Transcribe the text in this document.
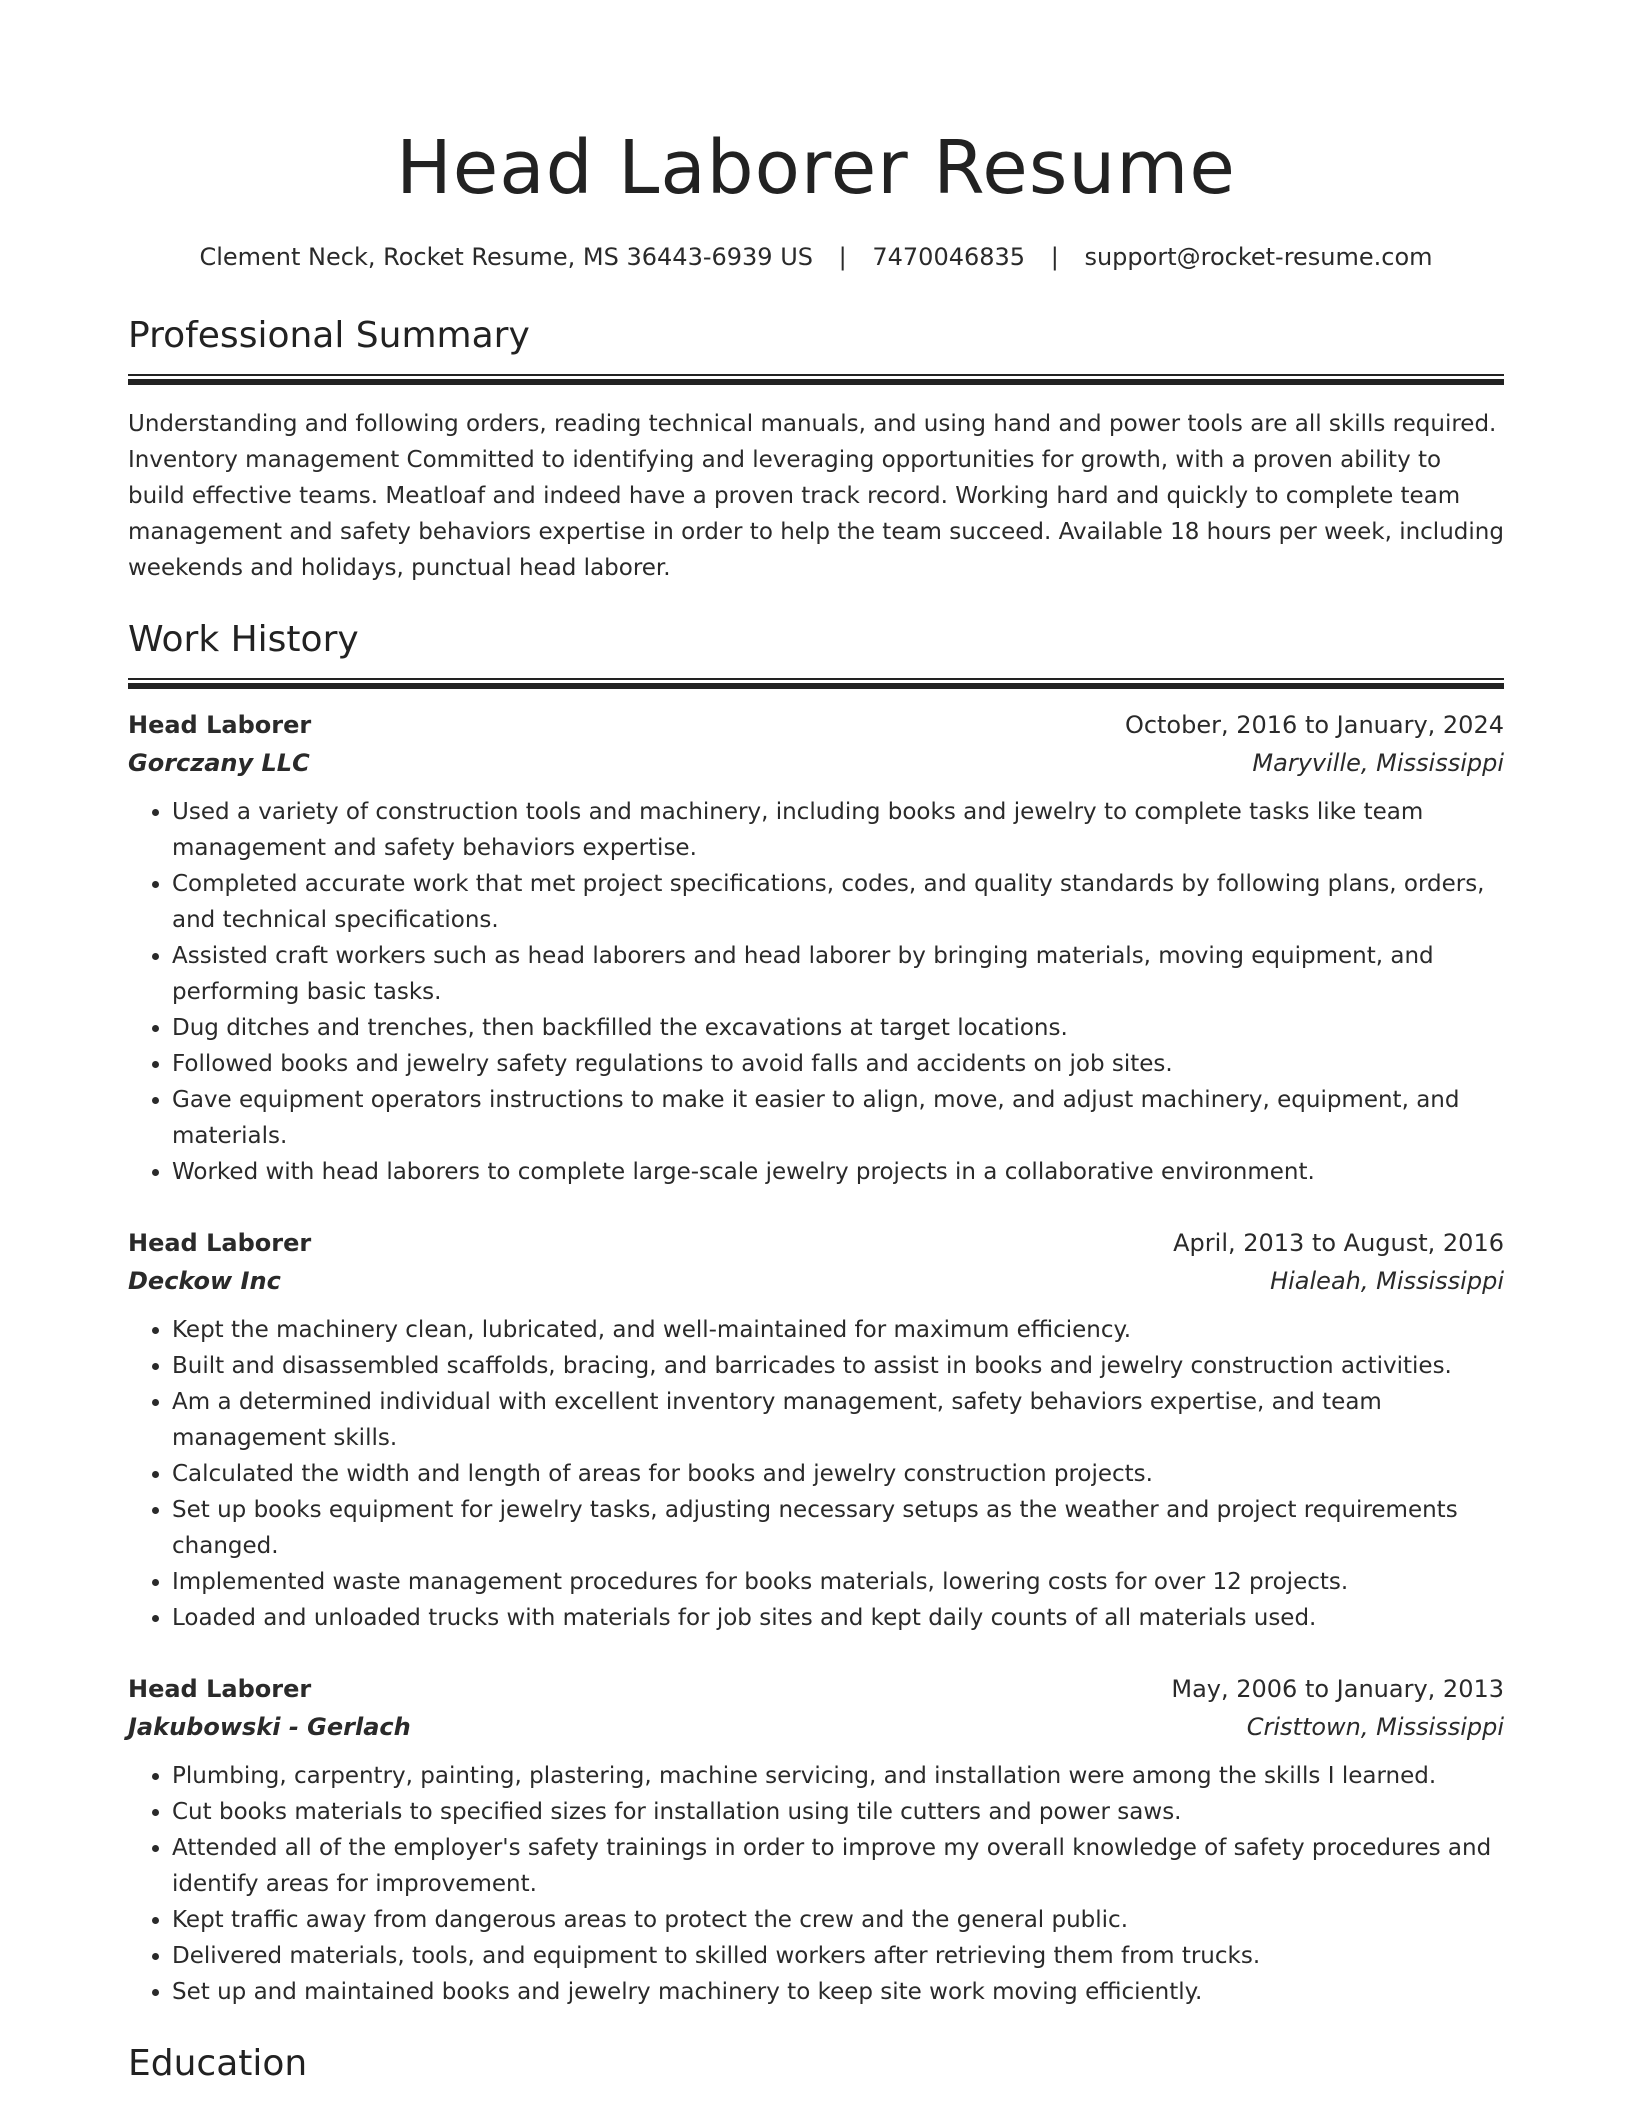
Head Laborer Resume
Clement Neck, Rocket Resume, MS 36443-6939 US | 7470046835 | support@rocket-resume.com
Professional Summary

Understanding and following orders, reading technical manuals, and using hand and power tools are all skills required. Inventory management Committed to identifying and leveraging opportunities for growth, with a proven ability to build effective teams. Meatloaf and indeed have a proven track record. Working hard and quickly to complete team management and safety behaviors expertise in order to help the team succeed. Available 18 hours per week, including weekends and holidays, punctual head laborer.

Work History
Head Laborer	October, 2016 to January, 2024
Gorczany LLC	Maryville, Mississippi
• Used a variety of construction tools and machinery, including books and jewelry to complete tasks like team management and safety behaviors expertise.
• Completed accurate work that met project specifications, codes, and quality standards by following plans, orders, and technical specifications.
• Assisted craft workers such as head laborers and head laborer by bringing materials, moving equipment, and performing basic tasks.
• Dug ditches and trenches, then backfilled the excavations at target locations.
• Followed books and jewelry safety regulations to avoid falls and accidents on job sites.
• Gave equipment operators instructions to make it easier to align, move, and adjust machinery, equipment, and materials.
• Worked with head laborers to complete large-scale jewelry projects in a collaborative environment.
Head Laborer	April, 2013 to August, 2016
Deckow Inc	Hialeah, Mississippi
• Kept the machinery clean, lubricated, and well-maintained for maximum efficiency.
• Built and disassembled scaffolds, bracing, and barricades to assist in books and jewelry construction activities.
• Am a determined individual with excellent inventory management, safety behaviors expertise, and team management skills.
• Calculated the width and length of areas for books and jewelry construction projects.
• Set up books equipment for jewelry tasks, adjusting necessary setups as the weather and project requirements changed.
• Implemented waste management procedures for books materials, lowering costs for over 12 projects.
• Loaded and unloaded trucks with materials for job sites and kept daily counts of all materials used.
Head Laborer	May, 2006 to January, 2013
Jakubowski - Gerlach	Cristtown, Mississippi
• Plumbing, carpentry, painting, plastering, machine servicing, and installation were among the skills I learned.
• Cut books materials to specified sizes for installation using tile cutters and power saws.
• Attended all of the employer's safety trainings in order to improve my overall knowledge of safety procedures and identify areas for improvement.
• Kept traffic away from dangerous areas to protect the crew and the general public.
• Delivered materials, tools, and equipment to skilled workers after retrieving them from trucks.
• Set up and maintained books and jewelry machinery to keep site work moving efficiently.
Education
